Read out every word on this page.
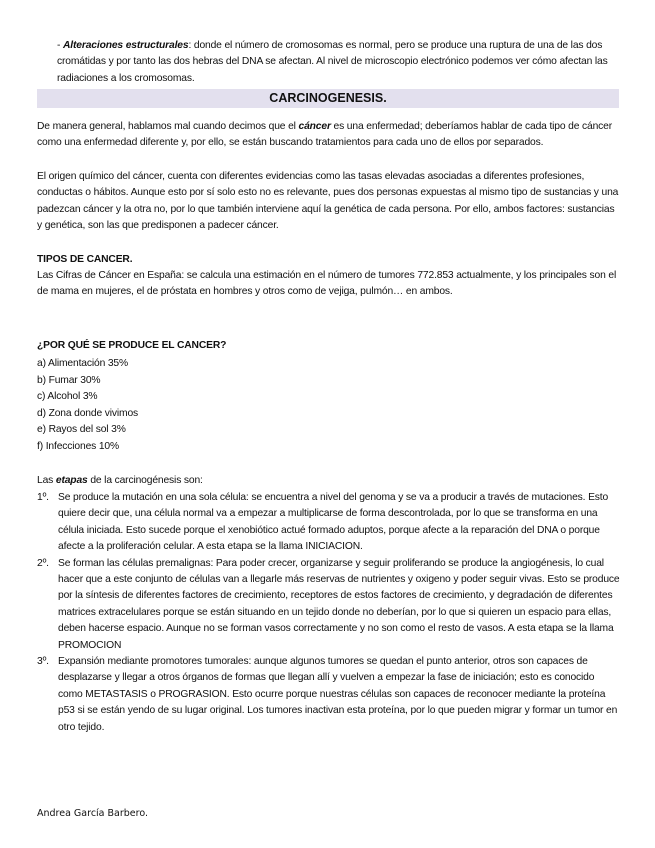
- Alteraciones estructurales: donde el número de cromosomas es normal, pero se produce una ruptura de una de las dos cromátidas y por tanto las dos hebras del DNA se afectan. Al nivel de microscopio electrónico podemos ver cómo afectan las radiaciones a los cromosomas.

CARCINOGENESIS.

De manera general, hablamos mal cuando decimos que el cáncer es una enfermedad; deberíamos hablar de cada tipo de cáncer como una enfermedad diferente y, por ello, se están buscando tratamientos para cada uno de ellos por separados.

El origen químico del cáncer, cuenta con diferentes evidencias como las tasas elevadas asociadas a diferentes profesiones, conductas o hábitos. Aunque esto por sí solo esto no es relevante, pues dos personas expuestas al mismo tipo de sustancias y una padezcan cáncer y la otra no, por lo que también interviene aquí la genética de cada persona. Por ello, ambos factores: sustancias y genética, son las que predisponen a padecer cáncer.

TIPOS DE CANCER.

Las Cifras de Cáncer en España: se calcula una estimación en el número de tumores 772.853 actualmente, y los principales son el de mama en mujeres, el de próstata en hombres y otros como de vejiga, pulmón… en ambos.

¿POR QUÉ SE PRODUCE EL CANCER?

a) Alimentación 35%
b) Fumar 30%
c) Alcohol 3%
d) Zona donde vivimos
e) Rayos del sol 3%
f) Infecciones 10%

Las etapas de la carcinogénesis son:

1º. Se produce la mutación en una sola célula: se encuentra a nivel del genoma y se va a producir a través de mutaciones. Esto quiere decir que, una célula normal va a empezar a multiplicarse de forma descontrolada, por lo que se transforma en una célula iniciada. Esto sucede porque el xenobiótico actué formado aduptos, porque afecte a la reparación del DNA o porque afecte a la proliferación celular. A esta etapa se la llama INICIACION.
2º. Se forman las células premalignas: Para poder crecer, organizarse y seguir proliferando se produce la angiogénesis, lo cual hacer que a este conjunto de células van a llegarle más reservas de nutrientes y oxigeno y poder seguir vivas. Esto se produce por la síntesis de diferentes factores de crecimiento, receptores de estos factores de crecimiento, y degradación de diferentes matrices extracelulares porque se están situando en un tejido donde no deberían, por lo que si quieren un espacio para ellas, deben hacerse espacio. Aunque no se forman vasos correctamente y no son como el resto de vasos. A esta etapa se la llama PROMOCION
3º. Expansión mediante promotores tumorales: aunque algunos tumores se quedan el punto anterior, otros son capaces de desplazarse y llegar a otros órganos de formas que llegan allí y vuelven a empezar la fase de iniciación; esto es conocido como METASTASIS o PROGRASION. Esto ocurre porque nuestras células son capaces de reconocer mediante la proteína p53 si se están yendo de su lugar original. Los tumores inactivan esta proteína, por lo que pueden migrar y formar un tumor en otro tejido.
Andrea García Barbero.
